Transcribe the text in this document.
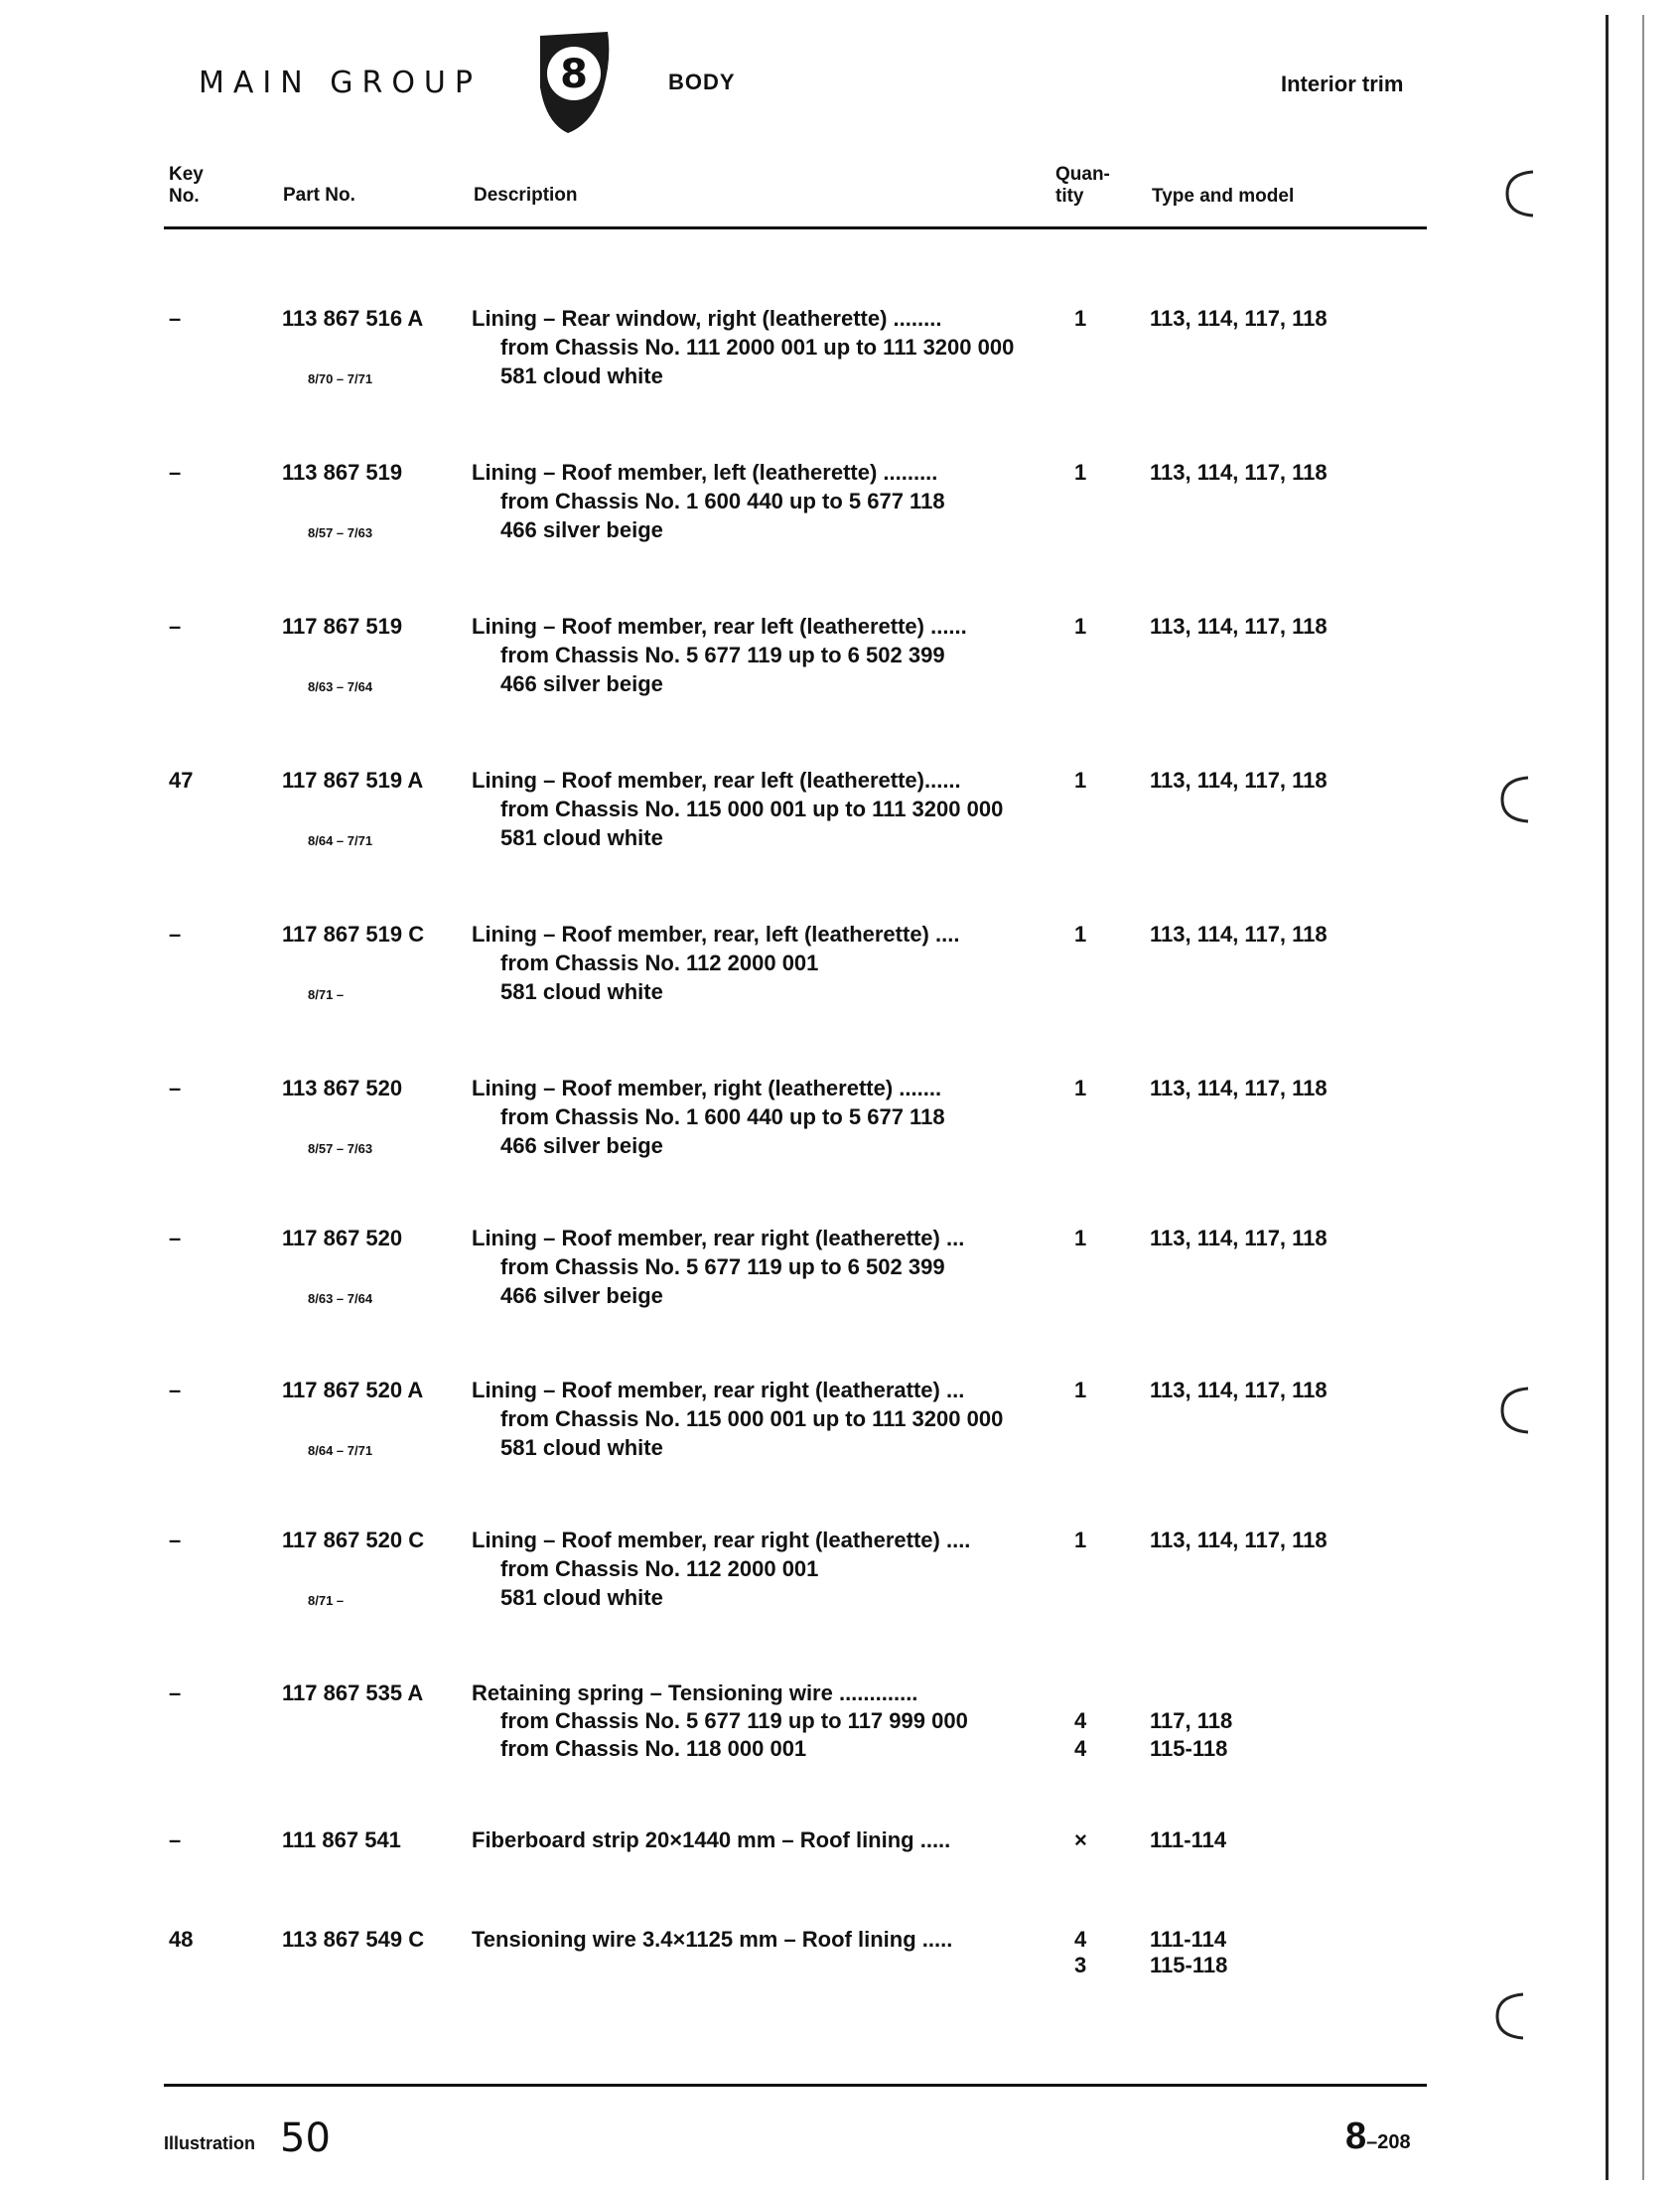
MAIN GROUP 8	BODY	Interior trim
Key No.	Part No.	Description
Quan-tity	Type and model
–	113 867 516 A Lining – Rear window, right (leatherette) ........	1	113, 114, 117, 118
from Chassis No. 111 2000 001 up to 111 3200 000
8/70 – 7/71	581 cloud white
–	113 867 519	Lining – Roof member, left (leatherette) .........	1	113, 114, 117, 118
from Chassis No. 1 600 440 up to 5 677 118
8/57 – 7/63	466 silver beige
–	117 867 519	Lining – Roof member, rear left (leatherette) ......	1	113, 114, 117, 118
from Chassis No. 5 677 119 up to 6 502 399
8/63 – 7/64	466 silver beige
47	117 867 519 A Lining – Roof member, rear left (leatherette)......	1	113, 114, 117, 118
from Chassis No. 115 000 001 up to 111 3200 000
8/64 – 7/71	581 cloud white
–	117 867 519 C Lining – Roof member, rear, left (leatherette) ....	1	113, 114, 117, 118
from Chassis No. 112 2000 001
8/71 –	581 cloud white
–	113 867 520	Lining – Roof member, right (leatherette) .......	1	113, 114, 117, 118
from Chassis No. 1 600 440 up to 5 677 118
8/57 – 7/63	466 silver beige
–	117 867 520	Lining – Roof member, rear right (leatherette) ...	1	113, 114, 117, 118
from Chassis No. 5 677 119 up to 6 502 399
8/63 – 7/64	466 silver beige
–	117 867 520 A Lining – Roof member, rear right (leatheratte) ...	1	113, 114, 117, 118
from Chassis No. 115 000 001 up to 111 3200 000
8/64 – 7/71	581 cloud white
–	117 867 520 C Lining – Roof member, rear right (leatherette) ....	1	113, 114, 117, 118
from Chassis No. 112 2000 001
8/71 –	581 cloud white
–	117 867 535 A Retaining spring – Tensioning wire .............
from Chassis No. 5 677 119 up to 117 999 000	4	117, 118
from Chassis No. 118 000 001	4	115-118
–	111 867 541	Fiberboard strip 20×1440 mm – Roof lining .....	×	111-114
48	113 867 549 C Tensioning wire 3.4×1125 mm – Roof lining .....	4	111-114
3	115-118
Illustration 50	8–208
